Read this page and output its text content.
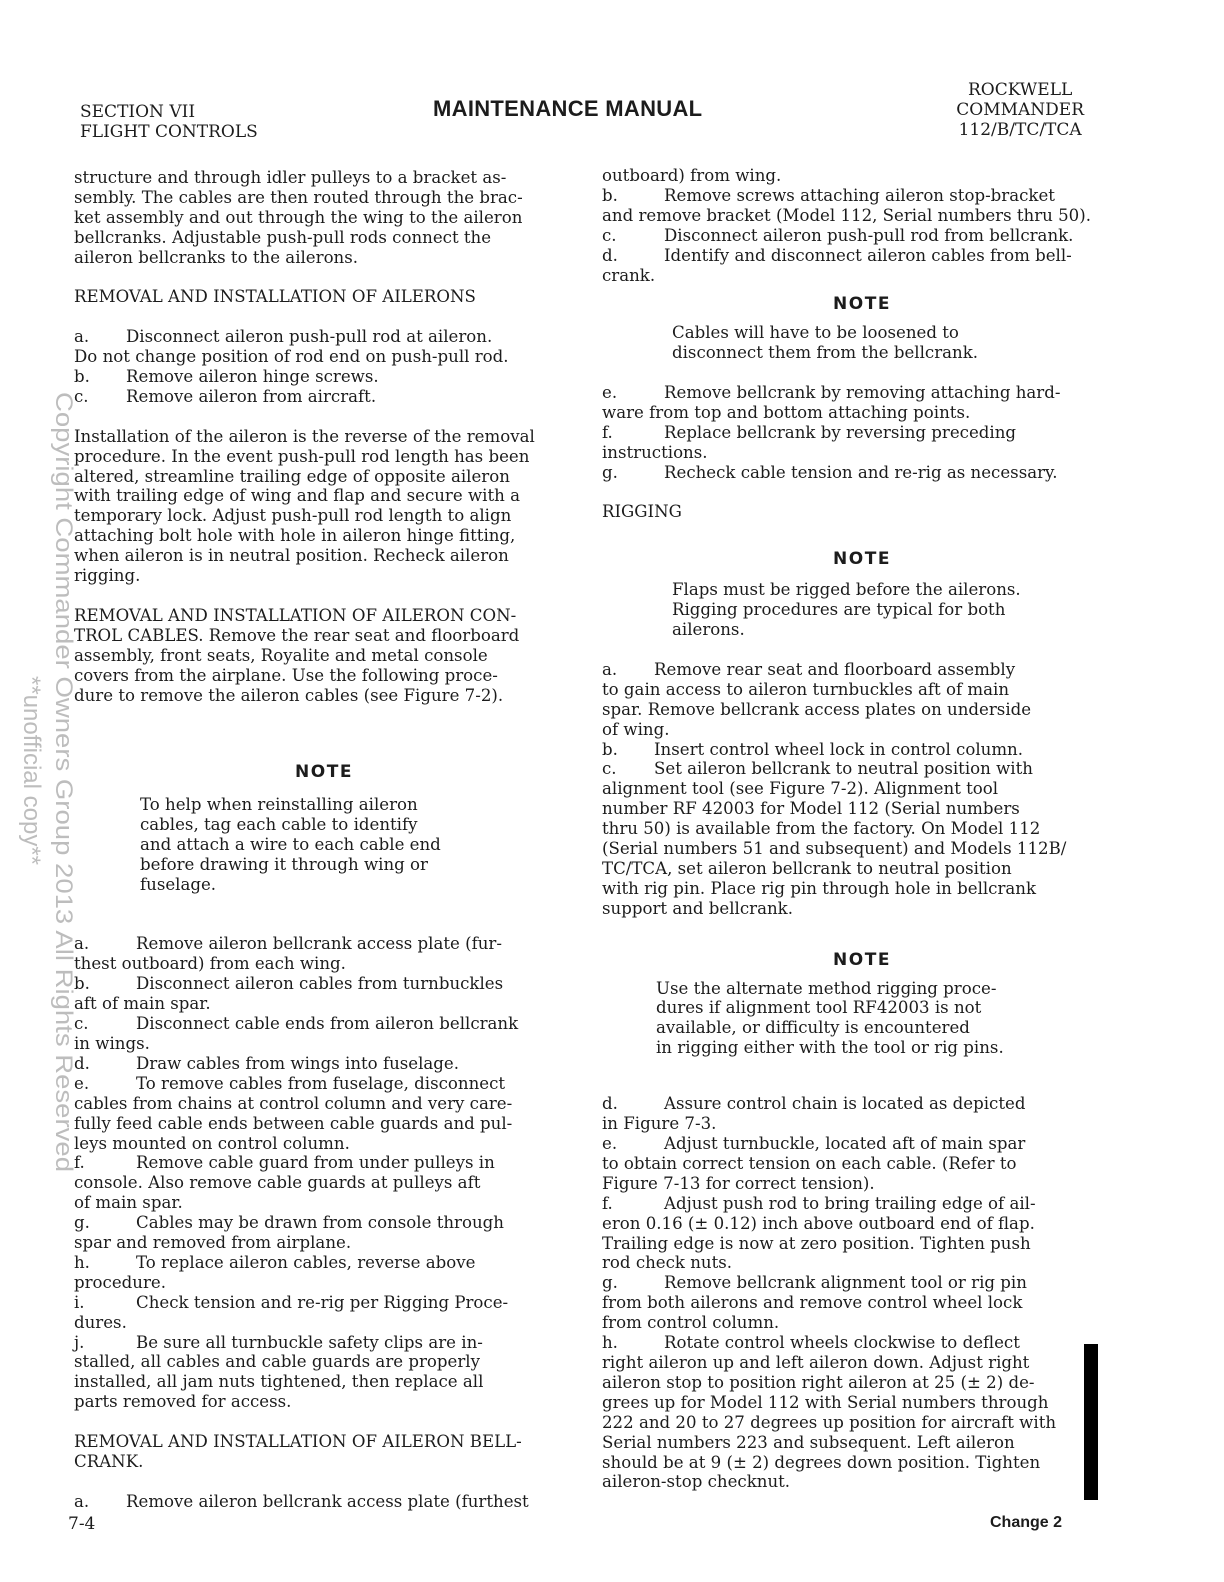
SECTION VII
FLIGHT CONTROLS
MAINTENANCE MANUAL
ROCKWELL
COMMANDER
112/B/TC/TCA
Copyright Commander Owners Group 2013 All Rights Reserved
**unofficial copy**

structure and through idler pulleys to a bracket as-

sembly. The cables are then routed through the brac-

ket assembly and out through the wing to the aileron

bellcranks. Adjustable push-pull rods connect the

aileron bellcranks to the ailerons.

REMOVAL AND INSTALLATION OF AILERONS

a. Disconnect aileron push-pull rod at aileron.

Do not change position of rod end on push-pull rod.

b. Remove aileron hinge screws.

c. Remove aileron from aircraft.

Installation of the aileron is the reverse of the removal

procedure. In the event push-pull rod length has been

altered, streamline trailing edge of opposite aileron

with trailing edge of wing and flap and secure with a

temporary lock. Adjust push-pull rod length to align

attaching bolt hole with hole in aileron hinge fitting,

when aileron is in neutral position. Recheck aileron

rigging.

REMOVAL AND INSTALLATION OF AILERON CON-

TROL CABLES. Remove the rear seat and floorboard

assembly, front seats, Royalite and metal console

covers from the airplane. Use the following proce-

dure to remove the aileron cables (see Figure 7-2).

NOTE

To help when reinstalling aileron

cables, tag each cable to identify

and attach a wire to each cable end

before drawing it through wing or

fuselage.

a.	Remove aileron bellcrank access plate (fur-

thest outboard) from each wing.

b.	Disconnect aileron cables from turnbuckles

aft of main spar.

c.	Disconnect cable ends from aileron bellcrank

in wings.

d.	Draw cables from wings into fuselage.

e.	To remove cables from fuselage, disconnect

cables from chains at control column and very care-

fully feed cable ends between cable guards and pul-

leys mounted on control column.

f.	Remove cable guard from under pulleys in

console. Also remove cable guards at pulleys aft

of main spar.

g.	Cables may be drawn from console through

spar and removed from airplane.

h.	To replace aileron cables, reverse above

procedure.

i.	Check tension and re-rig per Rigging Proce-

dures.

j.	Be sure all turnbuckle safety clips are in-

stalled, all cables and cable guards are properly

installed, all jam nuts tightened, then replace all

parts removed for access.

REMOVAL AND INSTALLATION OF AILERON BELL-

CRANK.

a. Remove aileron bellcrank access plate (furthest

outboard) from wing.

b.	Remove screws attaching aileron stop-bracket

and remove bracket (Model 112, Serial numbers thru 50).

c.	Disconnect aileron push-pull rod from bellcrank.

d.	Identify and disconnect aileron cables from bell-

crank.

NOTE

Cables will have to be loosened to

disconnect them from the bellcrank.

e.	Remove bellcrank by removing attaching hard-

ware from top and bottom attaching points.

f.	Replace bellcrank by reversing preceding

instructions.

g.	Recheck cable tension and re-rig as necessary.

RIGGING

NOTE

Flaps must be rigged before the ailerons.

Rigging procedures are typical for both

ailerons.

a. Remove rear seat and floorboard assembly

to gain access to aileron turnbuckles aft of main

spar. Remove bellcrank access plates on underside

of wing.

b. Insert control wheel lock in control column.

c. Set aileron bellcrank to neutral position with

alignment tool (see Figure 7-2). Alignment tool

number RF 42003 for Model 112 (Serial numbers

thru 50) is available from the factory. On Model 112

(Serial numbers 51 and subsequent) and Models 112B/

TC/TCA, set aileron bellcrank to neutral position

with rig pin. Place rig pin through hole in bellcrank

support and bellcrank.

NOTE

Use the alternate method rigging proce-

dures if alignment tool RF42003 is not

available, or difficulty is encountered

in rigging either with the tool or rig pins.

d.	Assure control chain is located as depicted

in Figure 7-3.

e.	Adjust turnbuckle, located aft of main spar

to obtain correct tension on each cable. (Refer to

Figure 7-13 for correct tension).

f.	Adjust push rod to bring trailing edge of ail-

eron 0.16 (± 0.12) inch above outboard end of flap.

Trailing edge is now at zero position. Tighten push

rod check nuts.

g.	Remove bellcrank alignment tool or rig pin

from both ailerons and remove control wheel lock

from control column.

h.	Rotate control wheels clockwise to deflect

right aileron up and left aileron down. Adjust right

aileron stop to position right aileron at 25 (± 2) de-

grees up for Model 112 with Serial numbers through

222 and 20 to 27 degrees up position for aircraft with

Serial numbers 223 and subsequent. Left aileron

should be at 9 (± 2) degrees down position. Tighten

aileron-stop checknut.

7-4	Change 2
